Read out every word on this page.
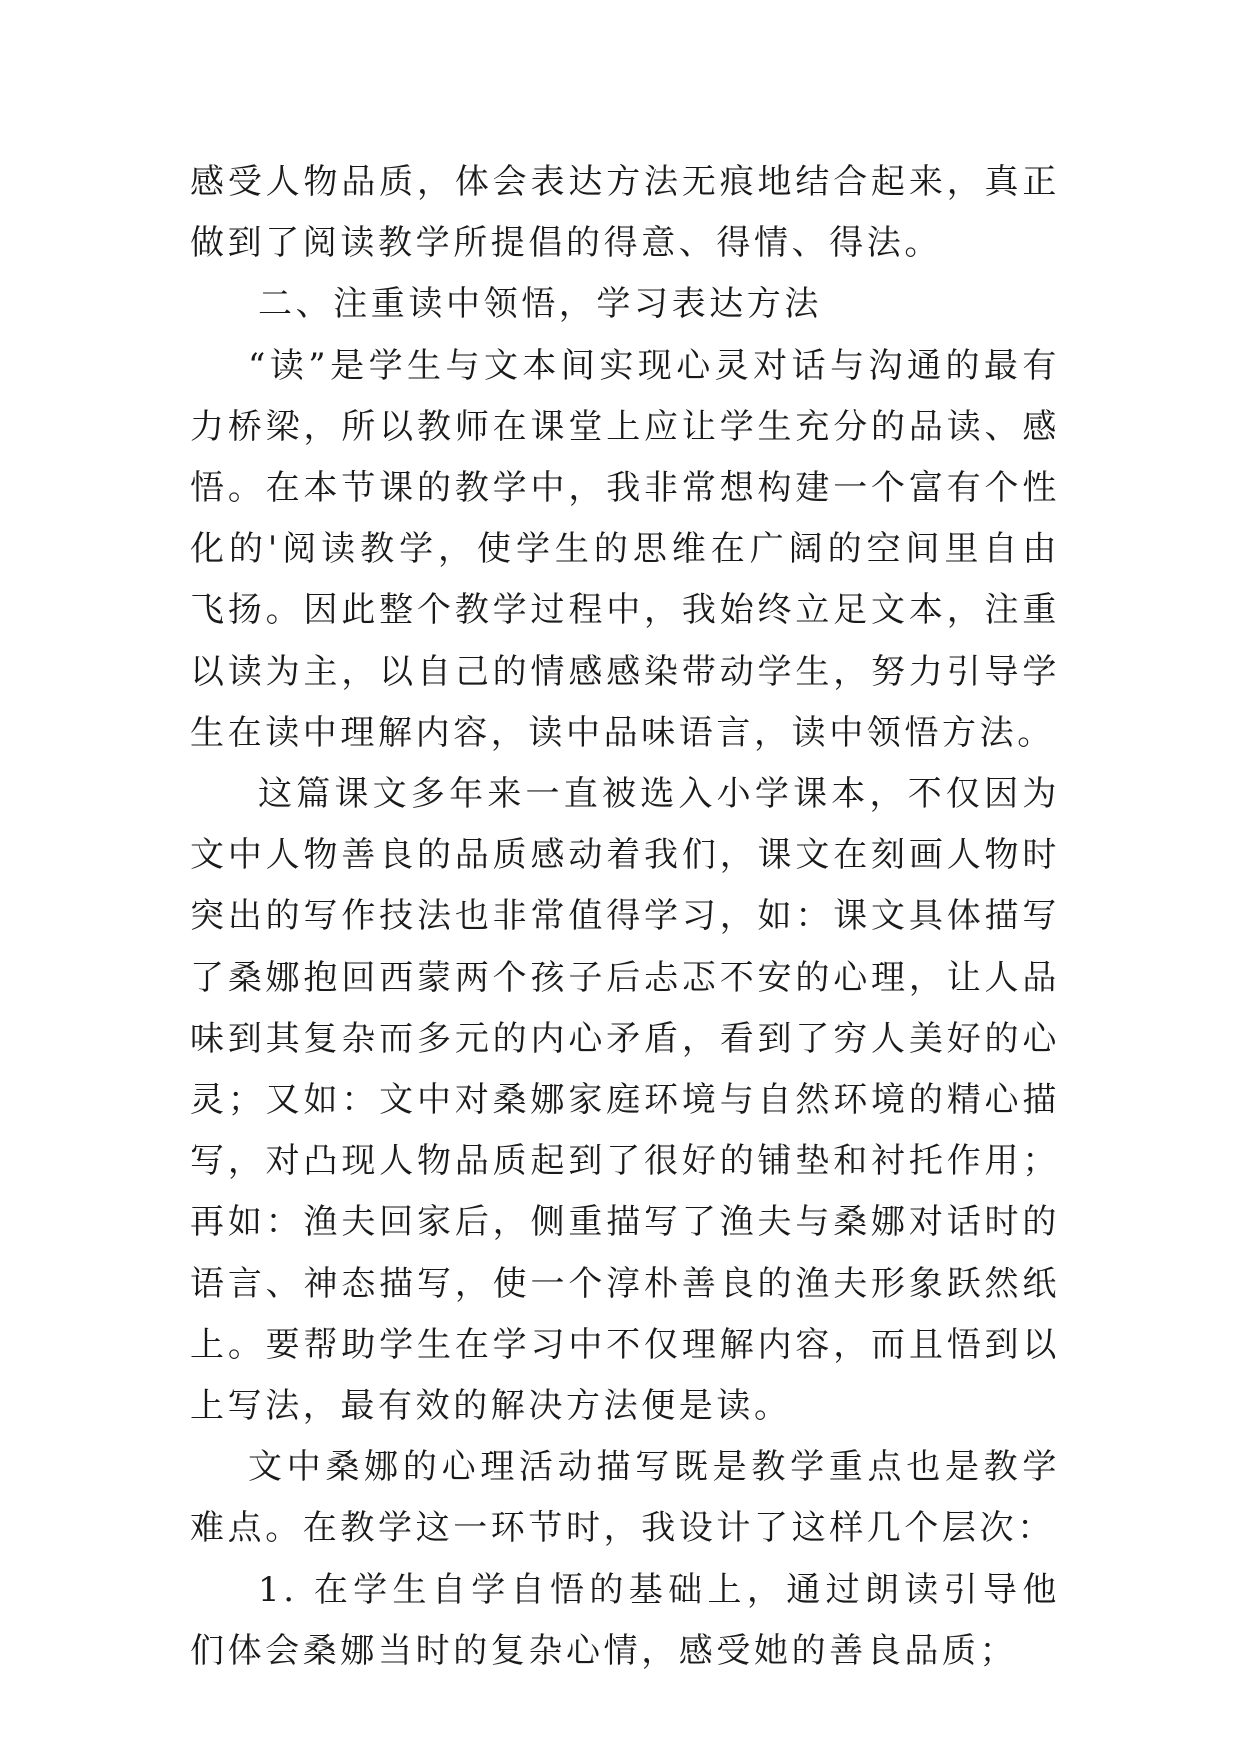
感受人物品质，体会表达方法无痕地结合起来，真正做到了阅读教学所提倡的得意、得情、得法。

二、注重读中领悟，学习表达方法

“读”是学生与文本间实现心灵对话与沟通的最有力桥梁，所以教师在课堂上应让学生充分的品读、感悟。在本节课的教学中，我非常想构建一个富有个性化的'阅读教学，使学生的思维在广阔的空间里自由飞扬。因此整个教学过程中，我始终立足文本，注重以读为主，以自己的情感感染带动学生，努力引导学生在读中理解内容，读中品味语言，读中领悟方法。

这篇课文多年来一直被选入小学课本，不仅因为文中人物善良的品质感动着我们，课文在刻画人物时突出的写作技法也非常值得学习，如：课文具体描写了桑娜抱回西蒙两个孩子后忐忑不安的心理，让人品味到其复杂而多元的内心矛盾，看到了穷人美好的心灵；又如：文中对桑娜家庭环境与自然环境的精心描写，对凸现人物品质起到了很好的铺垫和衬托作用；再如：渔夫回家后，侧重描写了渔夫与桑娜对话时的语言、神态描写，使一个淳朴善良的渔夫形象跃然纸上。要帮助学生在学习中不仅理解内容，而且悟到以上写法，最有效的解决方法便是读。

文中桑娜的心理活动描写既是教学重点也是教学难点。在教学这一环节时，我设计了这样几个层次：

1. 在学生自学自悟的基础上，通过朗读引导他们体会桑娜当时的复杂心情，感受她的善良品质；
